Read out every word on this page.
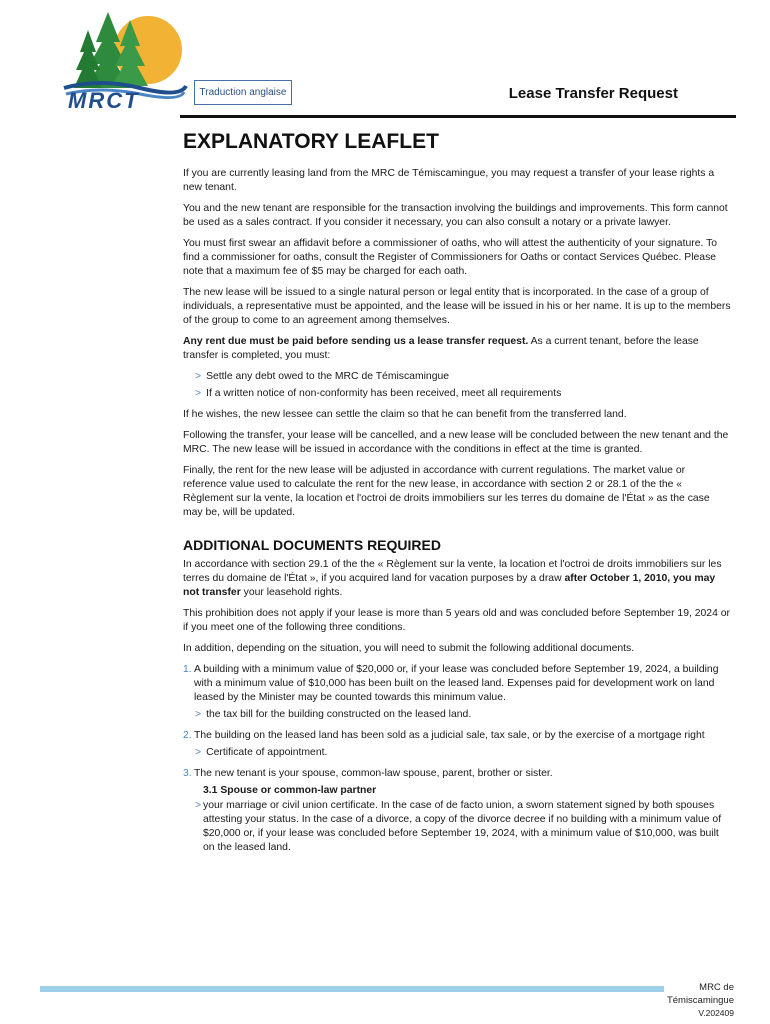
MRCT	Traduction anglaise	Lease Transfer Request
EXPLANATORY LEAFLET

If you are currently leasing land from the MRC de Témiscamingue, you may request a transfer of your lease rights a new tenant.

You and the new tenant are responsible for the transaction involving the buildings and improvements. This form cannot be used as a sales contract. If you consider it necessary, you can also consult a notary or a private lawyer.

You must first swear an affidavit before a commissioner of oaths, who will attest the authenticity of your signature. To find a commissioner for oaths, consult the Register of Commissioners for Oaths or contact Services Québec. Please note that a maximum fee of $5 may be charged for each oath.

The new lease will be issued to a single natural person or legal entity that is incorporated. In the case of a group of individuals, a representative must be appointed, and the lease will be issued in his or her name. It is up to the members of the group to come to an agreement among themselves.

Any rent due must be paid before sending us a lease transfer request. As a current tenant, before the lease transfer is completed, you must:

> Settle any debt owed to the MRC de Témiscamingue
> If a written notice of non-conformity has been received, meet all requirements

If he wishes, the new lessee can settle the claim so that he can benefit from the transferred land.

Following the transfer, your lease will be cancelled, and a new lease will be concluded between the new tenant and the MRC. The new lease will be issued in accordance with the conditions in effect at the time is granted.

Finally, the rent for the new lease will be adjusted in accordance with current regulations. The market value or reference value used to calculate the rent for the new lease, in accordance with section 2 or 28.1 of the the « Règlement sur la vente, la location et l'octroi de droits immobiliers sur les terres du domaine de l'État » as the case may be, will be updated.

ADDITIONAL DOCUMENTS REQUIRED

In accordance with section 29.1 of the the « Règlement sur la vente, la location et l'octroi de droits immobiliers sur les terres du domaine de l'État », if you acquired land for vacation purposes by a draw after October 1, 2010, you may not transfer your leasehold rights.

This prohibition does not apply if your lease is more than 5 years old and was concluded before September 19, 2024 or if you meet one of the following three conditions.

In addition, depending on the situation, you will need to submit the following additional documents.

1. A building with a minimum value of $20,000 or, if your lease was concluded before September 19, 2024, a building with a minimum value of $10,000 has been built on the leased land. Expenses paid for development work on land leased by the Minister may be counted towards this minimum value.
> the tax bill for the building constructed on the leased land.
2. The building on the leased land has been sold as a judicial sale, tax sale, or by the exercise of a mortgage right
> Certificate of appointment.
3. The new tenant is your spouse, common-law spouse, parent, brother or sister.
3.1 Spouse or common-law partner
> your marriage or civil union certificate. In the case of de facto union, a sworn statement signed by both spouses attesting your status. In the case of a divorce, a copy of the divorce decree if no building with a minimum value of $20,000 or, if your lease was concluded before September 19, 2024, with a minimum value of $10,000, was built on the leased land.
MRC de
Témiscamingue
V.202409
